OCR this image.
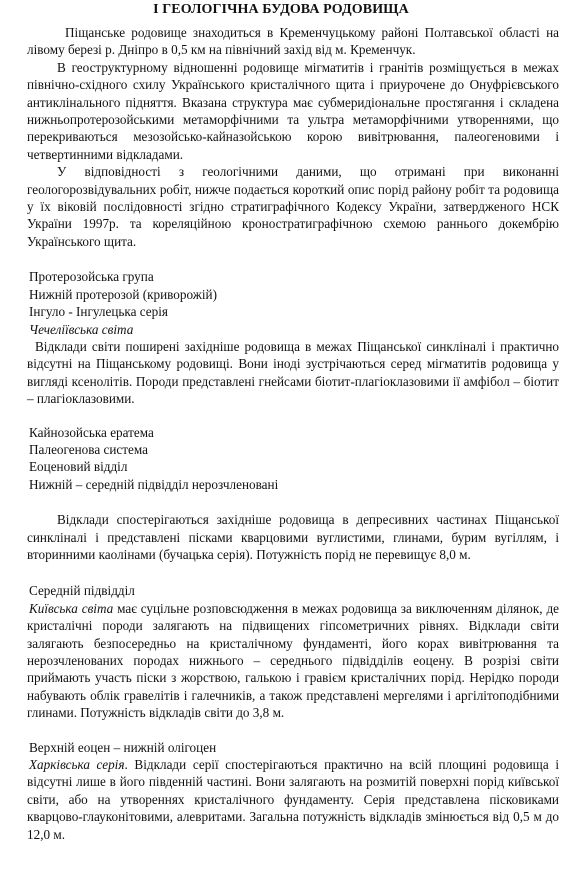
І ГЕОЛОГІЧНА БУДОВА РОДОВИЩА

Піщанське родовище знаходиться в Кременчуцькому районі Полтавської області на лівому березі р. Дніпро в 0,5 км на північний захід від м. Кременчук.

В геоструктурному відношенні родовище мігматитів і гранітів розміщується в межах північно-східного схилу Українського кристалічного щита і приурочене до Онуфрієвського антиклінального підняття. Вказана структура має субмеридіональне простягання і складена нижньопротерозойськими метаморфічними та ультра метаморфічними утвореннями, що перекриваються мезозойсько-кайназойською корою вивітрювання, палеогеновими і четвертинними відкладами.

У відповідності з геологічними даними, що отримані при виконанні геологорозвідувальних робіт, нижче подається короткий опис порід району робіт та родовища у їх віковій послідовності згідно стратиграфічного Кодексу України, затвердженого НСК України 1997р. та кореляційною кроностратиграфічною схемою раннього докембрію Українського щита.

Протерозойська група
Нижній протерозой (криворожій)
Інгуло - Інгулецька серія
Чечеліївська світа

Відклади світи поширені західніше родовища в межах Піщанської синкліналі і практично відсутні на Піщанському родовищі. Вони іноді зустрічаються серед мігматитів родовища у вигляді ксенолітів. Породи представлені гнейсами біотит-плагіоклазовими ії амфібол – біотит – плагіоклазовими.

Кайнозойська ератема
Палеогенова система
Еоценовий відділ
Нижній – середній підвідділ нерозчленовані

Відклади спостерігаються західніше родовища в депресивних частинах Піщанської синкліналі і представлені пісками кварцовими вуглистими, глинами, бурим вугіллям, і вторинними каолінами (бучацька серія). Потужність порід не перевищує 8,0 м.

Середній підвідділ

Київська світа має суцільне розповсюдження в межах родовища за виключенням ділянок, де кристалічні породи залягають на підвищених гіпсометричних рівнях. Відклади світи залягають безпосередньо на кристалічному фундаменті, його корах вивітрювання та нерозчленованих породах нижнього – середнього підвідділів еоцену. В розрізі світи приймають участь піски з жорствою, галькою і гравієм кристалічних порід. Нерідко породи набувають облік гравелітів і галечників, а також представлені мергелями і аргілітоподібними глинами. Потужність відкладів світи до 3,8 м.

Верхній еоцен – нижній олігоцен

Харківська серія. Відклади серії спостерігаються практично на всій площині родовища і відсутні лише в його південній частині. Вони залягають на розмитій поверхні порід київської світи, або на утвореннях кристалічного фундаменту. Серія представлена пісковиками кварцово-глауконітовими, алевритами. Загальна потужність відкладів змінюється від 0,5 м до 12,0 м.
